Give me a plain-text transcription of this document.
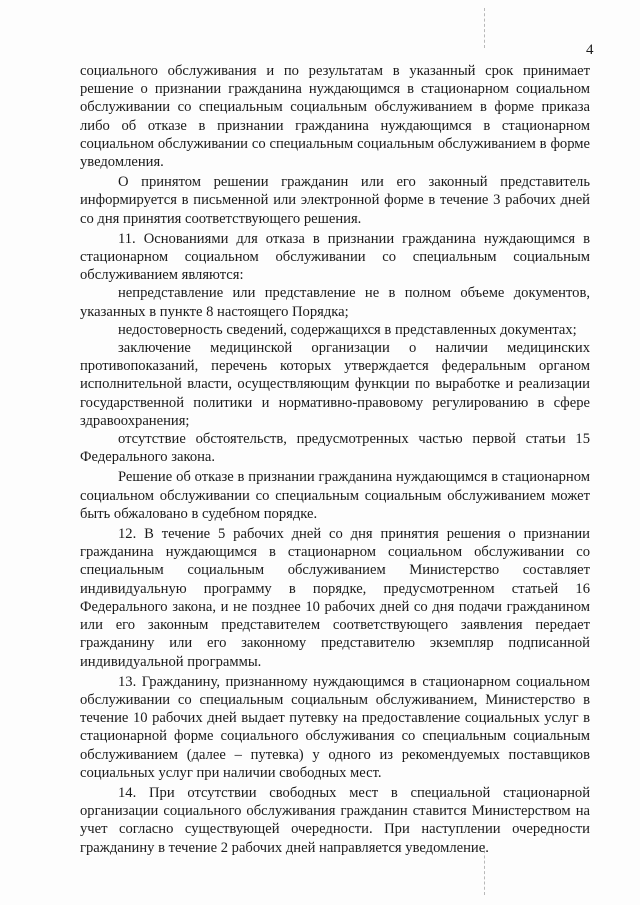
4

социального обслуживания и по результатам в указанный срок принимает решение о признании гражданина нуждающимся в стационарном социальном обслуживании со специальным социальным обслуживанием в форме приказа либо об отказе в признании гражданина нуждающимся в стационарном социальном обслуживании со специальным социальным обслуживанием в форме уведомления.

О принятом решении гражданин или его законный представитель информируется в письменной или электронной форме в течение 3 рабочих дней со дня принятия соответствующего решения.

11. Основаниями для отказа в признании гражданина нуждающимся в стационарном социальном обслуживании со специальным социальным обслуживанием являются:

непредставление или представление не в полном объеме документов, указанных в пункте 8 настоящего Порядка;

недостоверность сведений, содержащихся в представленных документах;

заключение медицинской организации о наличии медицинских противопоказаний, перечень которых утверждается федеральным органом исполнительной власти, осуществляющим функции по выработке и реализации государственной политики и нормативно-правовому регулированию в сфере здравоохранения;

отсутствие обстоятельств, предусмотренных частью первой статьи 15 Федерального закона.

Решение об отказе в признании гражданина нуждающимся в стационарном социальном обслуживании со специальным социальным обслуживанием может быть обжаловано в судебном порядке.

12. В течение 5 рабочих дней со дня принятия решения о признании гражданина нуждающимся в стационарном социальном обслуживании со специальным социальным обслуживанием Министерство составляет индивидуальную программу в порядке, предусмотренном статьей 16 Федерального закона, и не позднее 10 рабочих дней со дня подачи гражданином или его законным представителем соответствующего заявления передает гражданину или его законному представителю экземпляр подписанной индивидуальной программы.

13. Гражданину, признанному нуждающимся в стационарном социальном обслуживании со специальным социальным обслуживанием, Министерство в течение 10 рабочих дней выдает путевку на предоставление социальных услуг в стационарной форме социального обслуживания со специальным социальным обслуживанием (далее – путевка) у одного из рекомендуемых поставщиков социальных услуг при наличии свободных мест.

14. При отсутствии свободных мест в специальной стационарной организации социального обслуживания гражданин ставится Министерством на учет согласно существующей очередности. При наступлении очередности гражданину в течение 2 рабочих дней направляется уведомление.
